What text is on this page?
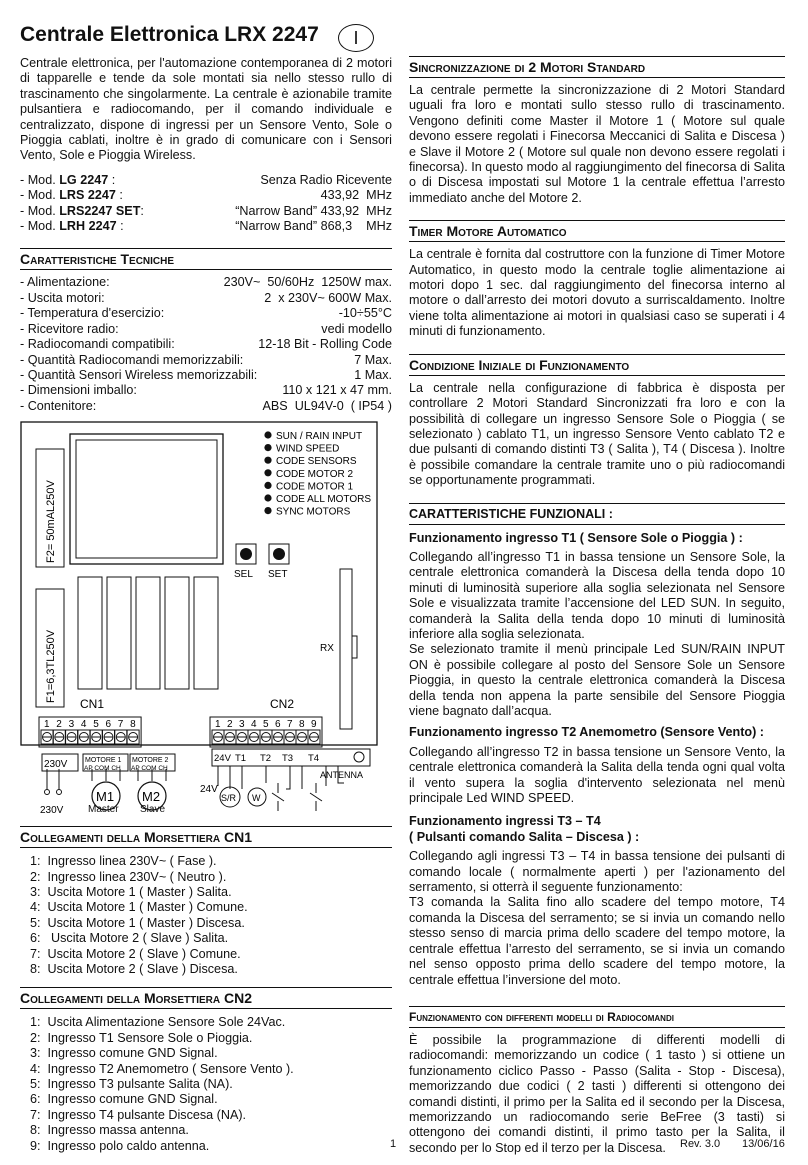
Centrale Elettronica LRX 2247

Centrale elettronica, per l'automazione contemporanea di 2 motori di tapparelle e tende da sole montati sia nello stesso rullo di trascinamento che singolarmente. La centrale è azionabile tramite pulsantiera e radiocomando, per il comando individuale e centralizzato, dispone di ingressi per un Sensore Vento, Sole o Pioggia cablati, inoltre è in grado di comunicare con i Sensori Vento, Sole e Pioggia Wireless.

- Mod. LG 2247 :	Senza Radio Ricevente
- Mod. LRS 2247 :	433,92  MHz
- Mod. LRS2247 SET:	“Narrow Band” 433,92  MHz
- Mod. LRH 2247 :	“Narrow Band” 868,3    MHz
Caratteristiche Tecniche
- Alimentazione:	230V~  50/60Hz  1250W max.
- Uscita motori:	2  x 230V~ 600W Max.
- Temperatura d'esercizio:	-10÷55°C
- Ricevitore radio:	vedi modello
- Radiocomandi compatibili:	12-18 Bit - Rolling Code
- Quantità Radiocomandi memorizzabili:	7 Max.
- Quantità Sensori Wireless memorizzabili:	1 Max.
- Dimensioni imballo:	110 x 121 x 47 mm.
- Contenitore:	ABS  UL94V-0  ( IP54 )
F2= 50mAL250V
F1=6,3TL250V
SUN / RAIN INPUT
WIND SPEED
CODE SENSORS
CODE MOTOR 2
CODE MOTOR 1
CODE ALL MOTORS
SYNC MOTORS
SEL SET
RX
CN1	CN2
1 2 3 4 5 6 7 8	1 2 3 4 5 6 7 8 9
230V	MOTORE 1
AP COM CH
MOTORE 2
AP COM CH
24V T1 T2 T3 T4
ANTENNA
24V
S/R W
230V
M1 M2
Master Slave
Collegamenti della Morsettiera CN1
1:  Ingresso linea 230V~ ( Fase ).
2:  Ingresso linea 230V~ ( Neutro ).
3:  Uscita Motore 1 ( Master ) Salita.
4:  Uscita Motore 1 ( Master ) Comune.
5:  Uscita Motore 1 ( Master ) Discesa.
6:   Uscita Motore 2 ( Slave ) Salita.
7:  Uscita Motore 2 ( Slave ) Comune.
8:  Uscita Motore 2 ( Slave ) Discesa.
Collegamenti della Morsettiera CN2
1:  Uscita Alimentazione Sensore Sole 24Vac.
2:  Ingresso T1 Sensore Sole o Pioggia.
3:  Ingresso comune GND Signal.
4:  Ingresso T2 Anemometro ( Sensore Vento ).
5:  Ingresso T3 pulsante Salita (NA).
6:  Ingresso comune GND Signal.
7:  Ingresso T4 pulsante Discesa (NA).
8:  Ingresso massa antenna.
9:  Ingresso polo caldo antenna.
I
Sincronizzazione di 2 Motori Standard

La centrale permette la sincronizzazione di 2 Motori Standard uguali fra loro e montati sullo stesso rullo di trascinamento. Vengono definiti come Master il Motore 1 ( Motore sul quale devono essere regolati i Finecorsa Meccanici di Salita e Discesa ) e Slave il Motore 2 ( Motore sul quale non devono essere regolati i finecorsa). In questo modo al raggiungimento del finecorsa di Salita o di Discesa impostati sul Motore 1 la centrale effettua l’arresto immediato anche del Motore 2.

Timer Motore Automatico

La centrale è fornita dal costruttore con la funzione di Timer Motore Automatico, in questo modo la centrale toglie alimentazione ai motori dopo 1 sec. dal raggiungimento del finecorsa interno al motore o dall’arresto dei motori dovuto a surriscaldamento. Inoltre viene tolta alimentazione ai motori in qualsiasi caso se superati i 4 minuti di funzionamento.

Condizione Iniziale di Funzionamento

La centrale nella configurazione di fabbrica è disposta per controllare 2 Motori Standard Sincronizzati fra loro e con la possibilità di collegare un ingresso Sensore Sole o Pioggia ( se selezionato ) cablato T1, un ingresso Sensore Vento cablato T2 e due pulsanti di comando distinti T3 ( Salita ), T4 ( Discesa ). Inoltre è possibile comandare la centrale tramite uno o più radiocomandi se opportunamente programmati.

CARATTERISTICHE FUNZIONALI :

Funzionamento ingresso T1 ( Sensore Sole o Pioggia ) :

Collegando all’ingresso T1 in bassa tensione un Sensore Sole, la centrale elettronica comanderà la Discesa della tenda dopo 10 minuti di luminosità superiore alla soglia selezionata nel Sensore Sole e visualizzata tramite l’accensione del LED SUN. In seguito, comanderà la Salita della tenda dopo 10 minuti di luminosità inferiore alla soglia selezionata.

Se selezionato tramite il menù principale Led SUN/RAIN INPUT ON è possibile collegare al posto del Sensore Sole un Sensore Pioggia, in questo la centrale elettronica comanderà la Discesa della tenda non appena la parte sensibile del Sensore Pioggia viene bagnato dall’acqua.

Funzionamento ingresso T2 Anemometro (Sensore Vento) :

Collegando all’ingresso T2 in bassa tensione un Sensore Vento, la centrale elettronica comanderà la Salita della tenda ogni qual volta il vento supera la soglia d'intervento selezionata nel menù principale Led WIND SPEED.

Funzionamento ingressi T3 – T4

( Pulsanti comando Salita – Discesa ) :

Collegando agli ingressi T3 – T4 in bassa tensione dei pulsanti di comando locale ( normalmente aperti ) per l'azionamento del serramento, si otterrà il seguente funzionamento:

T3 comanda la Salita fino allo scadere del tempo motore, T4 comanda la Discesa del serramento; se si invia un comando nello stesso senso di marcia prima dello scadere del tempo motore, la centrale effettua l’arresto del serramento, se si invia un comando nel senso opposto prima dello scadere del tempo motore, la centrale effettua l’inversione del moto.

Funzionamento con differenti modelli di Radiocomandi

È possibile la programmazione di differenti modelli di radiocomandi: memorizzando un codice ( 1 tasto ) si ottiene un funzionamento ciclico Passo - Passo (Salita - Stop - Discesa), memorizzando due codici ( 2 tasti ) differenti si ottengono dei comandi distinti, il primo per la Salita ed il secondo per la Discesa, memorizzando un radiocomando serie BeFree (3 tasti) si ottengono dei comandi distinti, il primo tasto per la Salita, il secondo per lo Stop ed il terzo per la Discesa.

1	Rev. 3.0 13/06/16
